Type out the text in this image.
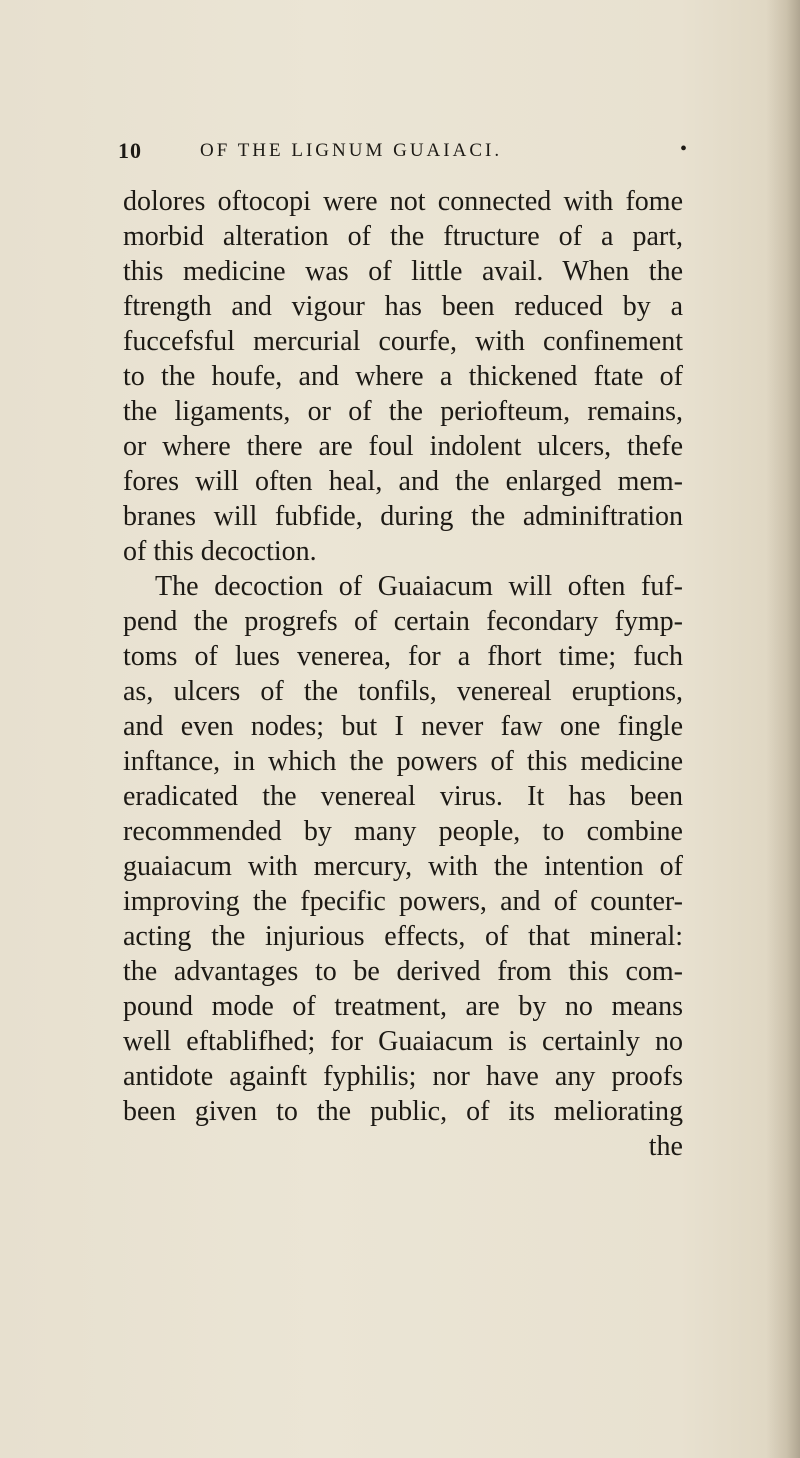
10	OF THE LIGNUM GUAIACI.	•
dolores oftocopi were not connected with fome
morbid alteration of the ftructure of a part,
this medicine was of little avail. When the
ftrength and vigour has been reduced by a
fuccefsful mercurial courfe, with confinement
to the houfe, and where a thickened ftate of
the ligaments, or of the periofteum, remains,
or where there are foul indolent ulcers, thefe
fores will often heal, and the enlarged mem-
branes will fubfide, during the adminiftration
of this decoction.
The decoction of Guaiacum will often fuf-
pend the progrefs of certain fecondary fymp-
toms of lues venerea, for a fhort time; fuch
as, ulcers of the tonfils, venereal eruptions,
and even nodes; but I never faw one fingle
inftance, in which the powers of this medicine
eradicated the venereal virus. It has been
recommended by many people, to combine
guaiacum with mercury, with the intention of
improving the fpecific powers, and of counter-
acting the injurious effects, of that mineral:
the advantages to be derived from this com-
pound mode of treatment, are by no means
well eftablifhed; for Guaiacum is certainly no
antidote againft fyphilis; nor have any proofs
been given to the public, of its meliorating
the
